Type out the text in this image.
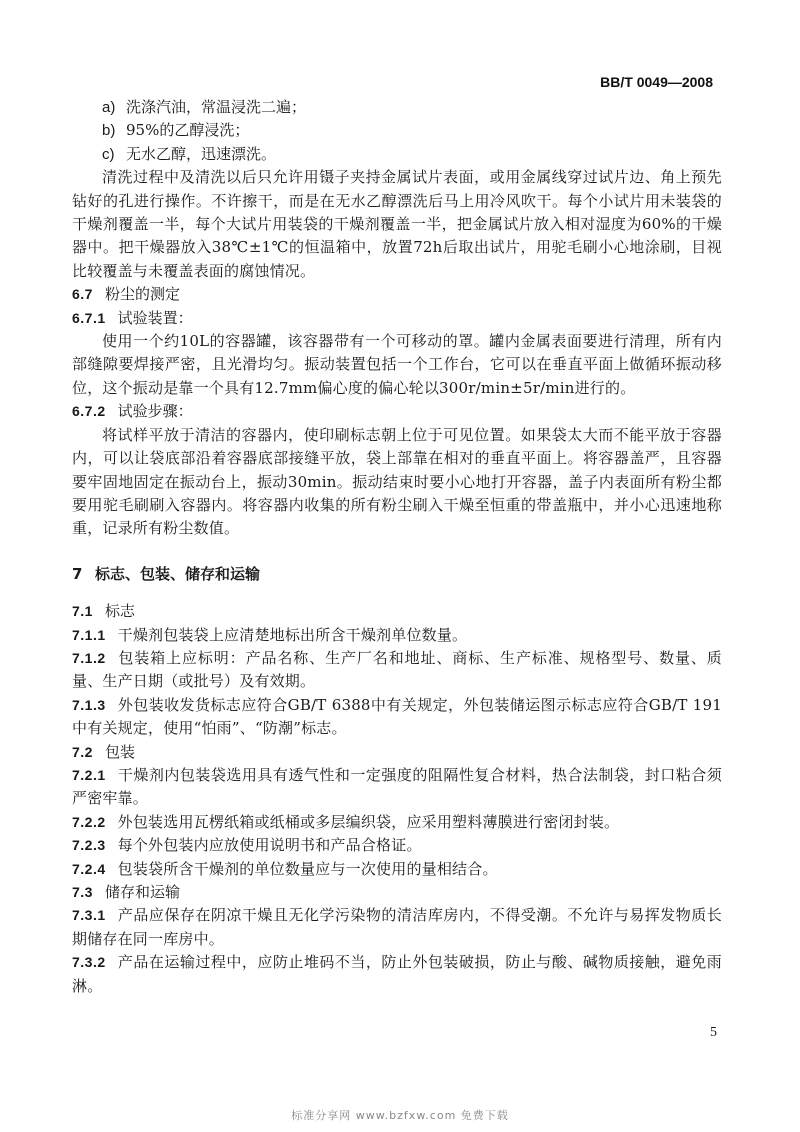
BB/T 0049—2008
a) 洗涤汽油，常温浸洗二遍；
b) 95%的乙醇浸洗；
c) 无水乙醇，迅速漂洗。

清洗过程中及清洗以后只允许用镊子夹持金属试片表面，或用金属线穿过试片边、角上预先钻好的孔进行操作。不许擦干，而是在无水乙醇漂洗后马上用冷风吹干。每个小试片用未装袋的干燥剂覆盖一半，每个大试片用装袋的干燥剂覆盖一半，把金属试片放入相对湿度为60%的干燥器中。把干燥器放入38℃±1℃的恒温箱中，放置72h后取出试片，用驼毛刷小心地涂刷，目视比较覆盖与未覆盖表面的腐蚀情况。

6.7 粉尘的测定
6.7.1 试验装置：

使用一个约10L的容器罐，该容器带有一个可移动的罩。罐内金属表面要进行清理，所有内部缝隙要焊接严密，且光滑均匀。振动装置包括一个工作台，它可以在垂直平面上做循环振动移位，这个振动是靠一个具有12.7mm偏心度的偏心轮以300r/min±5r/min进行的。

6.7.2 试验步骤：

将试样平放于清洁的容器内，使印刷标志朝上位于可见位置。如果袋太大而不能平放于容器内，可以让袋底部沿着容器底部接缝平放，袋上部靠在相对的垂直平面上。将容器盖严，且容器要牢固地固定在振动台上，振动30min。振动结束时要小心地打开容器，盖子内表面所有粉尘都要用驼毛刷刷入容器内。将容器内收集的所有粉尘刷入干燥至恒重的带盖瓶中，并小心迅速地称重，记录所有粉尘数值。

7 标志、包装、储存和运输
7.1 标志

7.1.1 干燥剂包装袋上应清楚地标出所含干燥剂单位数量。

7.1.2 包装箱上应标明：产品名称、生产厂名和地址、商标、生产标准、规格型号、数量、质量、生产日期（或批号）及有效期。

7.1.3 外包装收发货标志应符合GB/T 6388中有关规定，外包装储运图示标志应符合GB/T 191中有关规定，使用“怕雨”、“防潮”标志。

7.2 包装

7.2.1 干燥剂内包装袋选用具有透气性和一定强度的阻隔性复合材料，热合法制袋，封口粘合须严密牢靠。

7.2.2 外包装选用瓦楞纸箱或纸桶或多层编织袋，应采用塑料薄膜进行密闭封装。

7.2.3 每个外包装内应放使用说明书和产品合格证。

7.2.4 包装袋所含干燥剂的单位数量应与一次使用的量相结合。

7.3 储存和运输

7.3.1 产品应保存在阴凉干燥且无化学污染物的清洁库房内，不得受潮。不允许与易挥发物质长期储存在同一库房中。

7.3.2 产品在运输过程中，应防止堆码不当，防止外包装破损，防止与酸、碱物质接触，避免雨淋。

5
标准分享网 www.bzfxw.com 免费下载
